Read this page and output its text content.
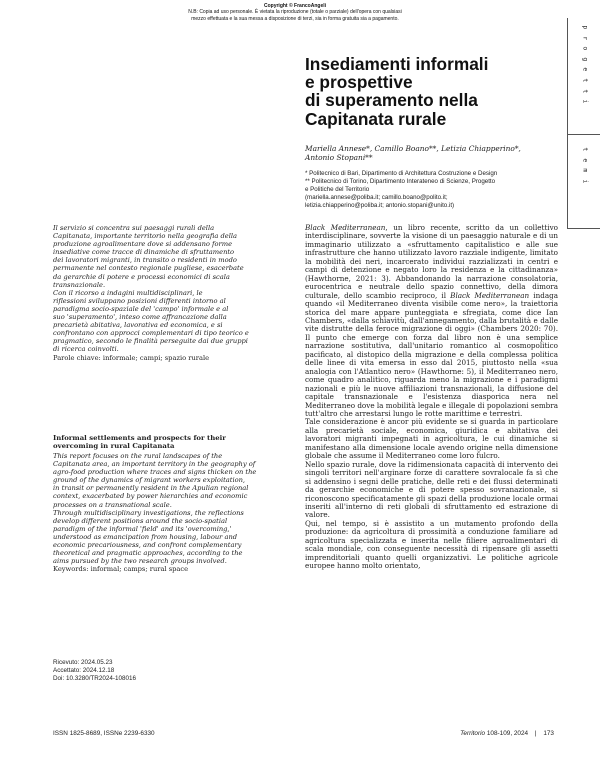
Copyright © FrancoAngeli
N.B: Copia ad uso personale. È vietata la riproduzione (totale o parziale) dell'opera con qualsiasi
mezzo effettuata e la sua messa a disposizione di terzi, sia in forma gratuita sia a pagamento.
p
r
o
g
e
t
t
i
t
e
m
i
Insediamenti informali
e prospettive
di superamento nella
Capitanata rurale
Mariella Annese*, Camillo Boano**, Letizia Chiapperino*,
Antonio Stopani**
* Politecnico di Bari, Dipartimento di Architettura Costruzione e Design
** Politecnico di Torino, Dipartimento Interateneo di Scienze, Progetto
e Politiche del Territorio
(mariella.annese@poliba.it; camillo.boano@polito.it;
letizia.chiapperino@poliba.it; antonio.stopani@unito.it)
Il servizio si concentra sui paesaggi rurali della
Capitanata, importante territorio nella geografia della
produzione agroalimentare dove si addensano forme
insediative come tracce di dinamiche di sfruttamento
dei lavoratori migranti, in transito o residenti in modo
permanente nel contesto regionale pugliese, esacerbate
da gerarchie di potere e processi economici di scala
transnazionale.
Con il ricorso a indagini multidisciplinari, le
riflessioni sviluppano posizioni differenti intorno al
paradigma socio-spaziale del 'campo' informale e al
suo 'superamento', inteso come affrancazione dalla
precarietà abitativa, lavorativa ed economica, e si
confrontano con approcci complementari di tipo teorico e
pragmatico, secondo le finalità perseguite dai due gruppi
di ricerca coinvolti.
Parole chiave: informale; campi; spazio rurale
Informal settlements and prospects for their
overcoming in rural Capitanata
This report focuses on the rural landscapes of the
Capitanata area, an important territory in the geography of
agro-food production where traces and signs thicken on the
ground of the dynamics of migrant workers exploitation,
in transit or permanently resident in the Apulian regional
context, exacerbated by power hierarchies and economic
processes on a transnational scale.
Through multidisciplinary investigations, the reflections
develop different positions around the socio-spatial
paradigm of the informal 'field' and its 'overcoming,'
understood as emancipation from housing, labour and
economic precariousness, and confront complementary
theoretical and pragmatic approaches, according to the
aims pursued by the two research groups involved.
Keywords: informal; camps; rural space
Ricevuto: 2024.05.23
Accettato: 2024.12.18
Doi: 10.3280/TR2024-108016

Black Mediterranean, un libro recente, scritto da un collettivo interdisciplinare, sovverte la visione di un paesaggio naturale e di un immaginario utilizzato a «sfruttamento capitalistico e alle sue infrastrutture che hanno utilizzato lavoro razziale indigente, limitato la mobilità dei neri, incarcerato individui razzializzati in centri e campi di detenzione e negato loro la residenza e la cittadinanza» (Hawthorne, 2021: 3). Abbandonando la narrazione consolatoria, eurocentrica e neutrale dello spazio connettivo, della dimora culturale, dello scambio reciproco, il Black Mediterranean indaga quando «il Mediterraneo diventa visibile come nero», la traiettoria storica del mare appare punteggiata e sfregiata, come dice Ian Chambers, «dalla schiavitù, dall'annegamento, dalla brutalità e dalle vite distrutte della feroce migrazione di oggi» (Chambers 2020: 70). Il punto che emerge con forza dal libro non è una semplice narrazione sostitutiva, dall'unitario romantico al cosmopolitico pacificato, al distopico della migrazione e della complessa politica delle linee di vita emersa in esso dal 2015, piuttosto nella «sua analogia con l'Atlantico nero» (Hawthorne: 5), il Mediterraneo nero, come quadro analitico, riguarda meno la migrazione e i paradigmi nazionali e più le nuove affiliazioni transnazionali, la diffusione del capitale transnazionale e l'esistenza diasporica nera nel Mediterraneo dove la mobilità legale e illegale di popolazioni sembra tutt'altro che arrestarsi lungo le rotte marittime e terrestri.

Tale considerazione è ancor più evidente se si guarda in particolare alla precarietà sociale, economica, giuridica e abitativa dei lavoratori migranti impegnati in agricoltura, le cui dinamiche si manifestano alla dimensione locale avendo origine nella dimensione globale che assume il Mediterraneo come loro fulcro.

Nello spazio rurale, dove la ridimensionata capacità di intervento dei singoli territori nell'arginare forze di carattere sovralocale fa sì che si addensino i segni delle pratiche, delle reti e dei flussi determinati da gerarchie economiche e di potere spesso sovranazionale, si riconoscono specificatamente gli spazi della produzione locale ormai inseriti all'interno di reti globali di sfruttamento ed estrazione di valore.

Qui, nel tempo, si è assistito a un mutamento profondo della produzione: da agricoltura di prossimità a conduzione familiare ad agricoltura specializzata e inserita nelle filiere agroalimentari di scala mondiale, con conseguente necessità di ripensare gli assetti imprenditoriali quanto quelli organizzativi. Le politiche agricole europee hanno molto orientato,

ISSN 1825-8689, ISSNe 2239-6330	Territorio 108-109, 2024 | 173
